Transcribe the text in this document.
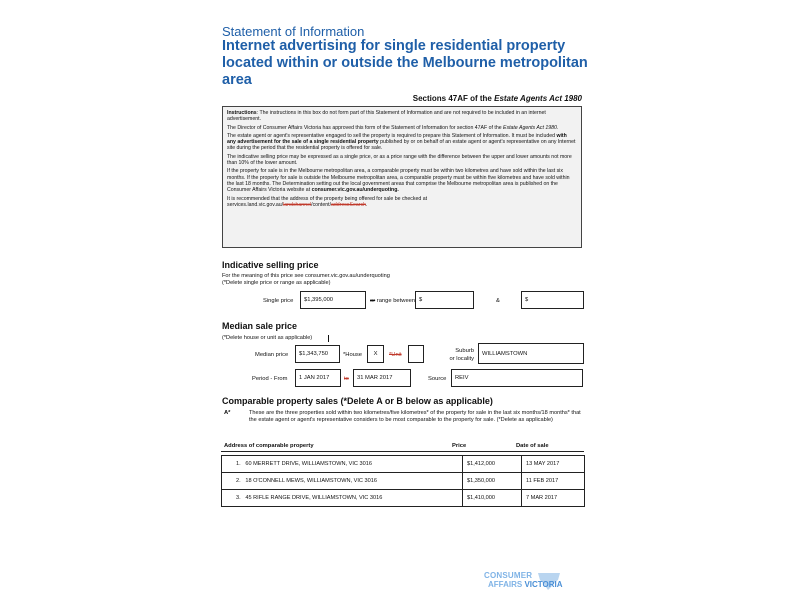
Statement of Information
Internet advertising for single residential property located within or outside the Melbourne metropolitan area
Sections 47AF of the Estate Agents Act 1980

Instructions: The instructions in this box do not form part of this Statement of Information and are not required to be included in an internet advertisement.

The Director of Consumer Affairs Victoria has approved this form of the Statement of Information for section 47AF of the Estate Agents Act 1980.

The estate agent or agent's representative engaged to sell the property is required to prepare this Statement of Information. It must be included with any advertisement for the sale of a single residential property published by or on behalf of an estate agent or agent's representative on any Internet site during the period that the residential property is offered for sale.

The indicative selling price may be expressed as a single price, or as a price range with the difference between the upper and lower amounts not more than 10% of the lower amount.

If the property for sale is in the Melbourne metropolitan area, a comparable property must be within two kilometres and have sold within the last six months. If the property for sale is outside the Melbourne metropolitan area, a comparable property must be within five kilometres and have sold within the last 18 months. The Determination setting out the local government areas that comprise the Melbourne metropolitan area is published on the Consumer Affairs Victoria website at consumer.vic.gov.au/underquoting.

It is recommended that the address of the property being offered for sale be checked at
services.land.vic.gov.au/landchannel/content/addressSearch.

Indicative selling price
For the meaning of this price see consumer.vic.gov.au/underquoting
(*Delete single price or range as applicable)
Single price	$1,395,000	or range between $	&	$
Median sale price
(*Delete house or unit as applicable)
Median price	$1,343,750	*House	X	*Unit
Suburb
or locality
WILLIAMSTOWN
Period - From	1 JAN 2017	to	31 MAR 2017	Source	REIV
Comparable property sales (*Delete A or B below as applicable)
A*	These are the three properties sold within two kilometres/five kilometres* of the property for sale in the last six months/18 months* that the estate agent or agent's representative considers to be most comparable to the property for sale. (*Delete as applicable)
Address of comparable property	Price	Date of sale
1. 60 MERRETT DRIVE, WILLIAMSTOWN, VIC 3016	$1,412,000	13 MAY 2017
2. 18 O'CONNELL MEWS, WILLIAMSTOWN, VIC 3016	$1,350,000	11 FEB 2017
3. 45 RIFLE RANGE DRIVE, WILLIAMSTOWN, VIC 3016	$1,410,000	7 MAR 2017
CONSUMER
AFFAIRS VICTORIA
